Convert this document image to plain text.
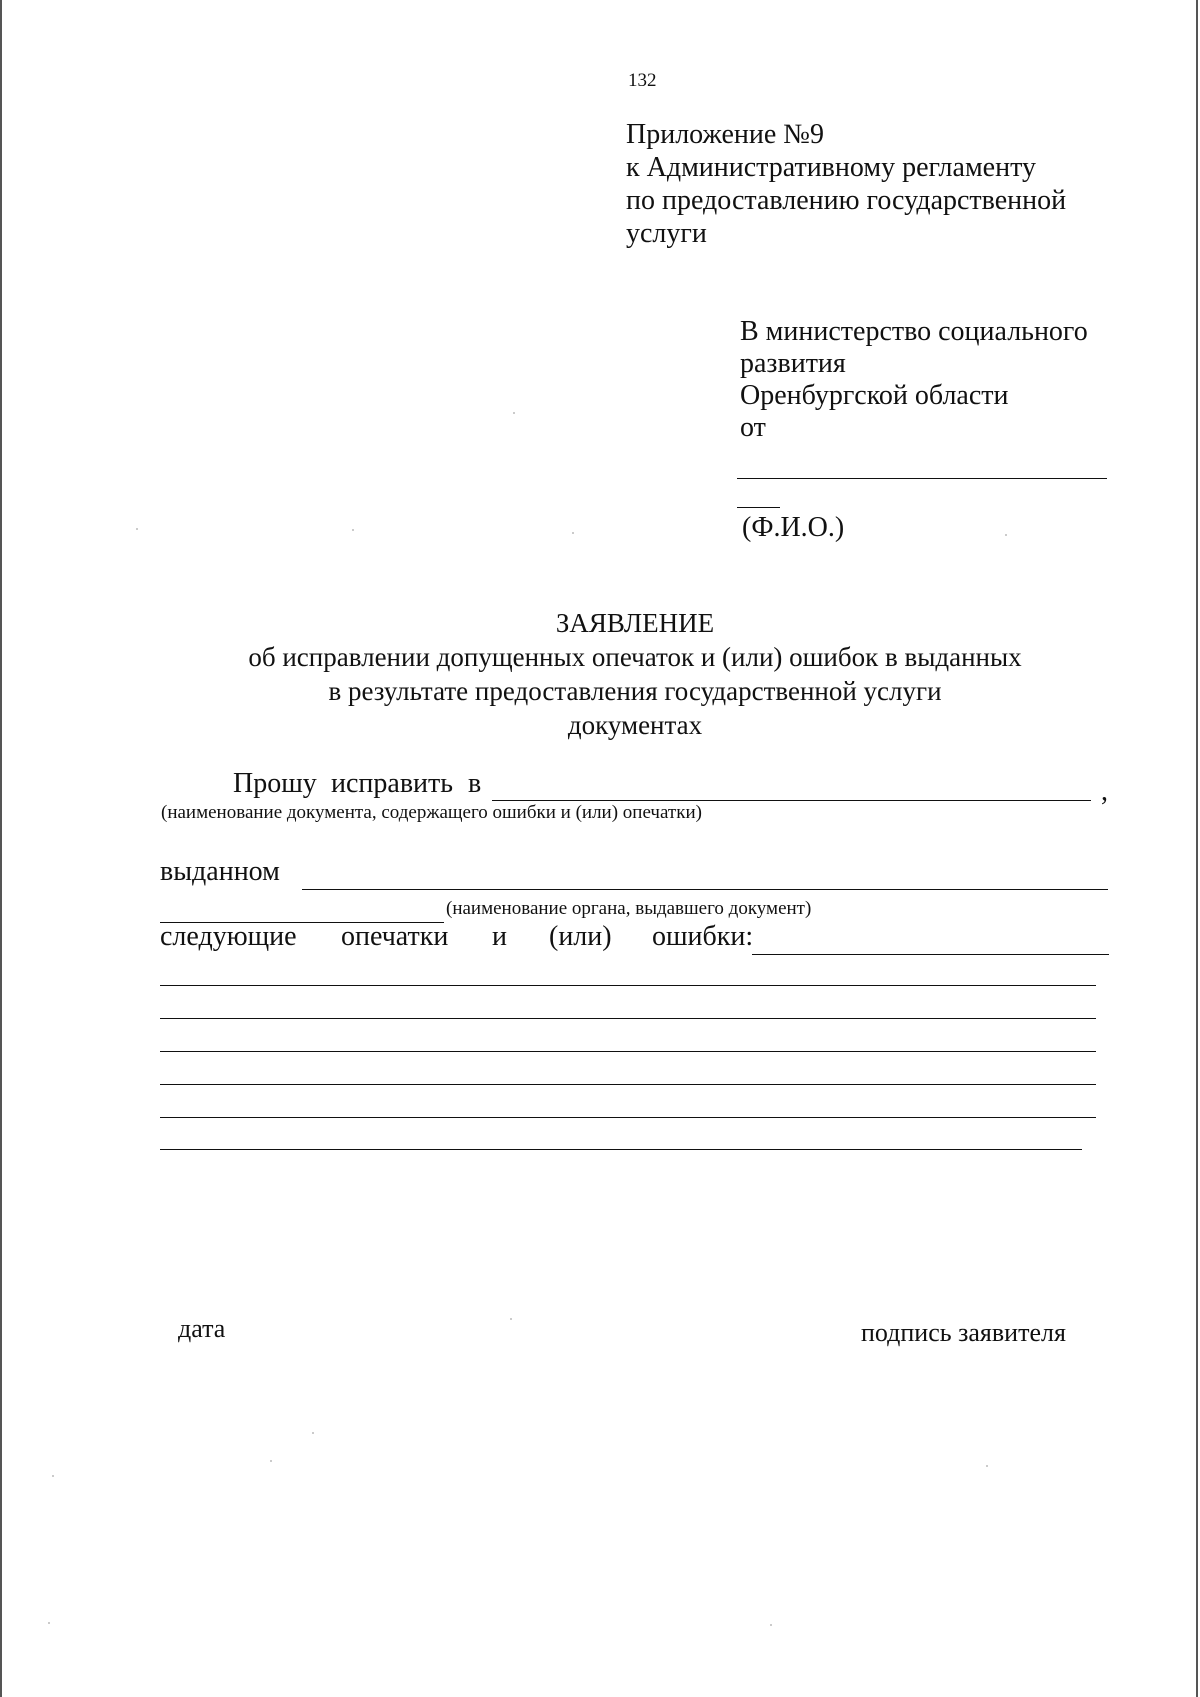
132
Приложение №9
к Административному регламенту
по предоставлению государственной
услуги
В министерство социального
развития
Оренбургской области
от
(Ф.И.О.)
ЗАЯВЛЕНИЕ
об исправлении допущенных опечаток и (или) ошибок в выданных
в результате предоставления государственной услуги
документах
Прошу исправить в	,
(наименование документа, содержащего ошибки и (или) опечатки)
выданном
(наименование органа, выдавшего документ)
следующие опечатки и (или) ошибки:
дата	подпись заявителя
